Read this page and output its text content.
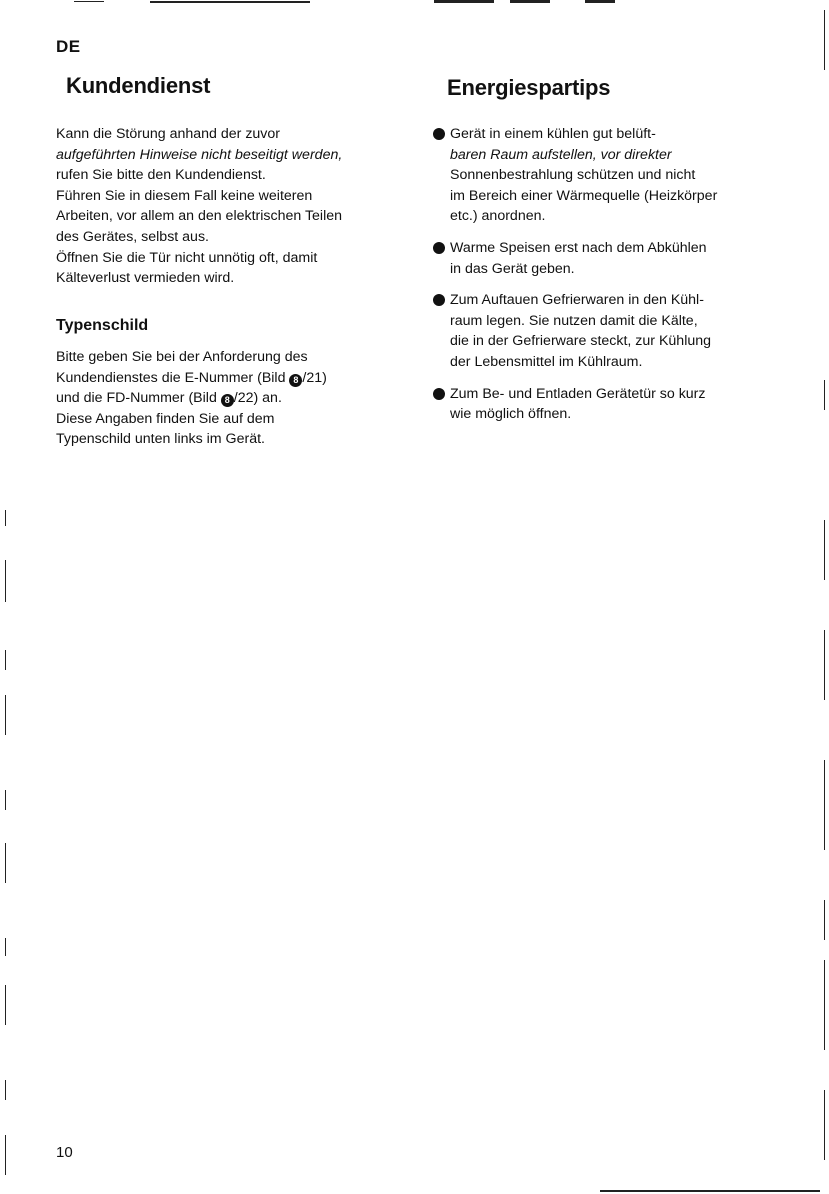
DE
Kundendienst

Kann die Störung anhand der zuvor

aufgeführten Hinweise nicht beseitigt werden,

rufen Sie bitte den Kundendienst.

Führen Sie in diesem Fall keine weiteren

Arbeiten, vor allem an den elektrischen Teilen

des Gerätes, selbst aus.

Öffnen Sie die Tür nicht unnötig oft, damit

Kälteverlust vermieden wird.

Typenschild

Bitte geben Sie bei der Anforderung des

Kundendienstes die E-Nummer (Bild 8 /21)

und die FD-Nummer (Bild 8 /22) an.

Diese Angaben finden Sie auf dem

Typenschild unten links im Gerät.

Energiespartips
Gerät in einem kühlen gut belüft-
baren Raum aufstellen, vor direkter
Sonnenbestrahlung schützen und nicht
im Bereich einer Wärmequelle (Heizkörper
etc.) anordnen.
Warme Speisen erst nach dem Abkühlen
in das Gerät geben.
Zum Auftauen Gefrierwaren in den Kühl-
raum legen. Sie nutzen damit die Kälte,
die in der Gefrierware steckt, zur Kühlung
der Lebensmittel im Kühlraum.
Zum Be- und Entladen Gerätetür so kurz
wie möglich öffnen.
10
